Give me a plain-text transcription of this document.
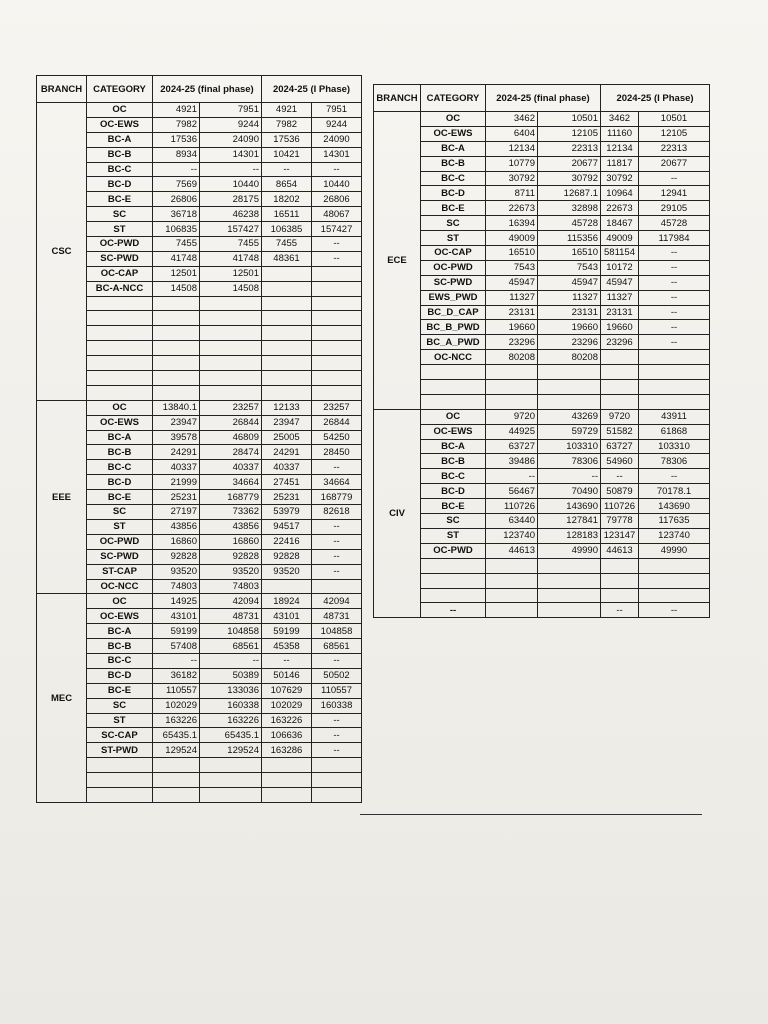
BRANCH	CATEGORY	2024-25 (final phase)		2024-25 (I Phase)	
CSC	OC	4921	7951	4921	7951
	OC-EWS	7982	9244	7982	9244
	BC-A	17536	24090	17536	24090
	BC-B	8934	14301	10421	14301
	BC-C	--	--	--	--
	BC-D	7569	10440	8654	10440
	BC-E	26806	28175	18202	26806
	SC	36718	46238	16511	48067
	ST	106835	157427	106385	157427
	OC-PWD	7455	7455	7455	--
	SC-PWD	41748	41748	48361	--
	OC-CAP	12501	12501		
	BC-A-NCC	14508	14508		

EEE	OC	13840.1	23257	12133	23257
	OC-EWS	23947	26844	23947	26844
	BC-A	39578	46809	25005	54250
	BC-B	24291	28474	24291	28450
	BC-C	40337	40337	40337	--
	BC-D	21999	34664	27451	34664
	BC-E	25231	168779	25231	168779
	SC	27197	73362	53979	82618
	ST	43856	43856	94517	--
	OC-PWD	16860	16860	22416	--
	SC-PWD	92828	92828	92828	--
	ST-CAP	93520	93520	93520	--
	OC-NCC	74803	74803		
MEC	OC	14925	42094	18924	42094
	OC-EWS	43101	48731	43101	48731
	BC-A	59199	104858	59199	104858
	BC-B	57408	68561	45358	68561
	BC-C	--	--	--	--
	BC-D	36182	50389	50146	50502
	BC-E	110557	133036	107629	110557
	SC	102029	160338	102029	160338
	ST	163226	163226	163226	--
	SC-CAP	65435.1	65435.1	106636	--
	ST-PWD	129524	129524	163286	--

BRANCH	CATEGORY	2024-25 (final phase)		2024-25 (I Phase)	
ECE	OC	3462	10501	3462	10501
	OC-EWS	6404	12105	11160	12105
	BC-A	12134	22313	12134	22313
	BC-B	10779	20677	11817	20677
	BC-C	30792	30792	30792	--
	BC-D	8711	12687.1	10964	12941
	BC-E	22673	32898	22673	29105
	SC	16394	45728	18467	45728
	ST	49009	115356	49009	117984
	OC-CAP	16510	16510	581154	--
	OC-PWD	7543	7543	10172	--
	SC-PWD	45947	45947	45947	--
	EWS_PWD	11327	11327	11327	--
	BC_D_CAP	23131	23131	23131	--
	BC_B_PWD	19660	19660	19660	--
	BC_A_PWD	23296	23296	23296	--
	OC-NCC	80208	80208		

CIV	OC	9720	43269	9720	43911
	OC-EWS	44925	59729	51582	61868
	BC-A	63727	103310	63727	103310
	BC-B	39486	78306	54960	78306
	BC-C	--	--	--	--
	BC-D	56467	70490	50879	70178.1
	BC-E	110726	143690	110726	143690
	SC	63440	127841	79778	117635
	ST	123740	128183	123147	123740
	OC-PWD	44613	49990	44613	49990

	--			--	--
